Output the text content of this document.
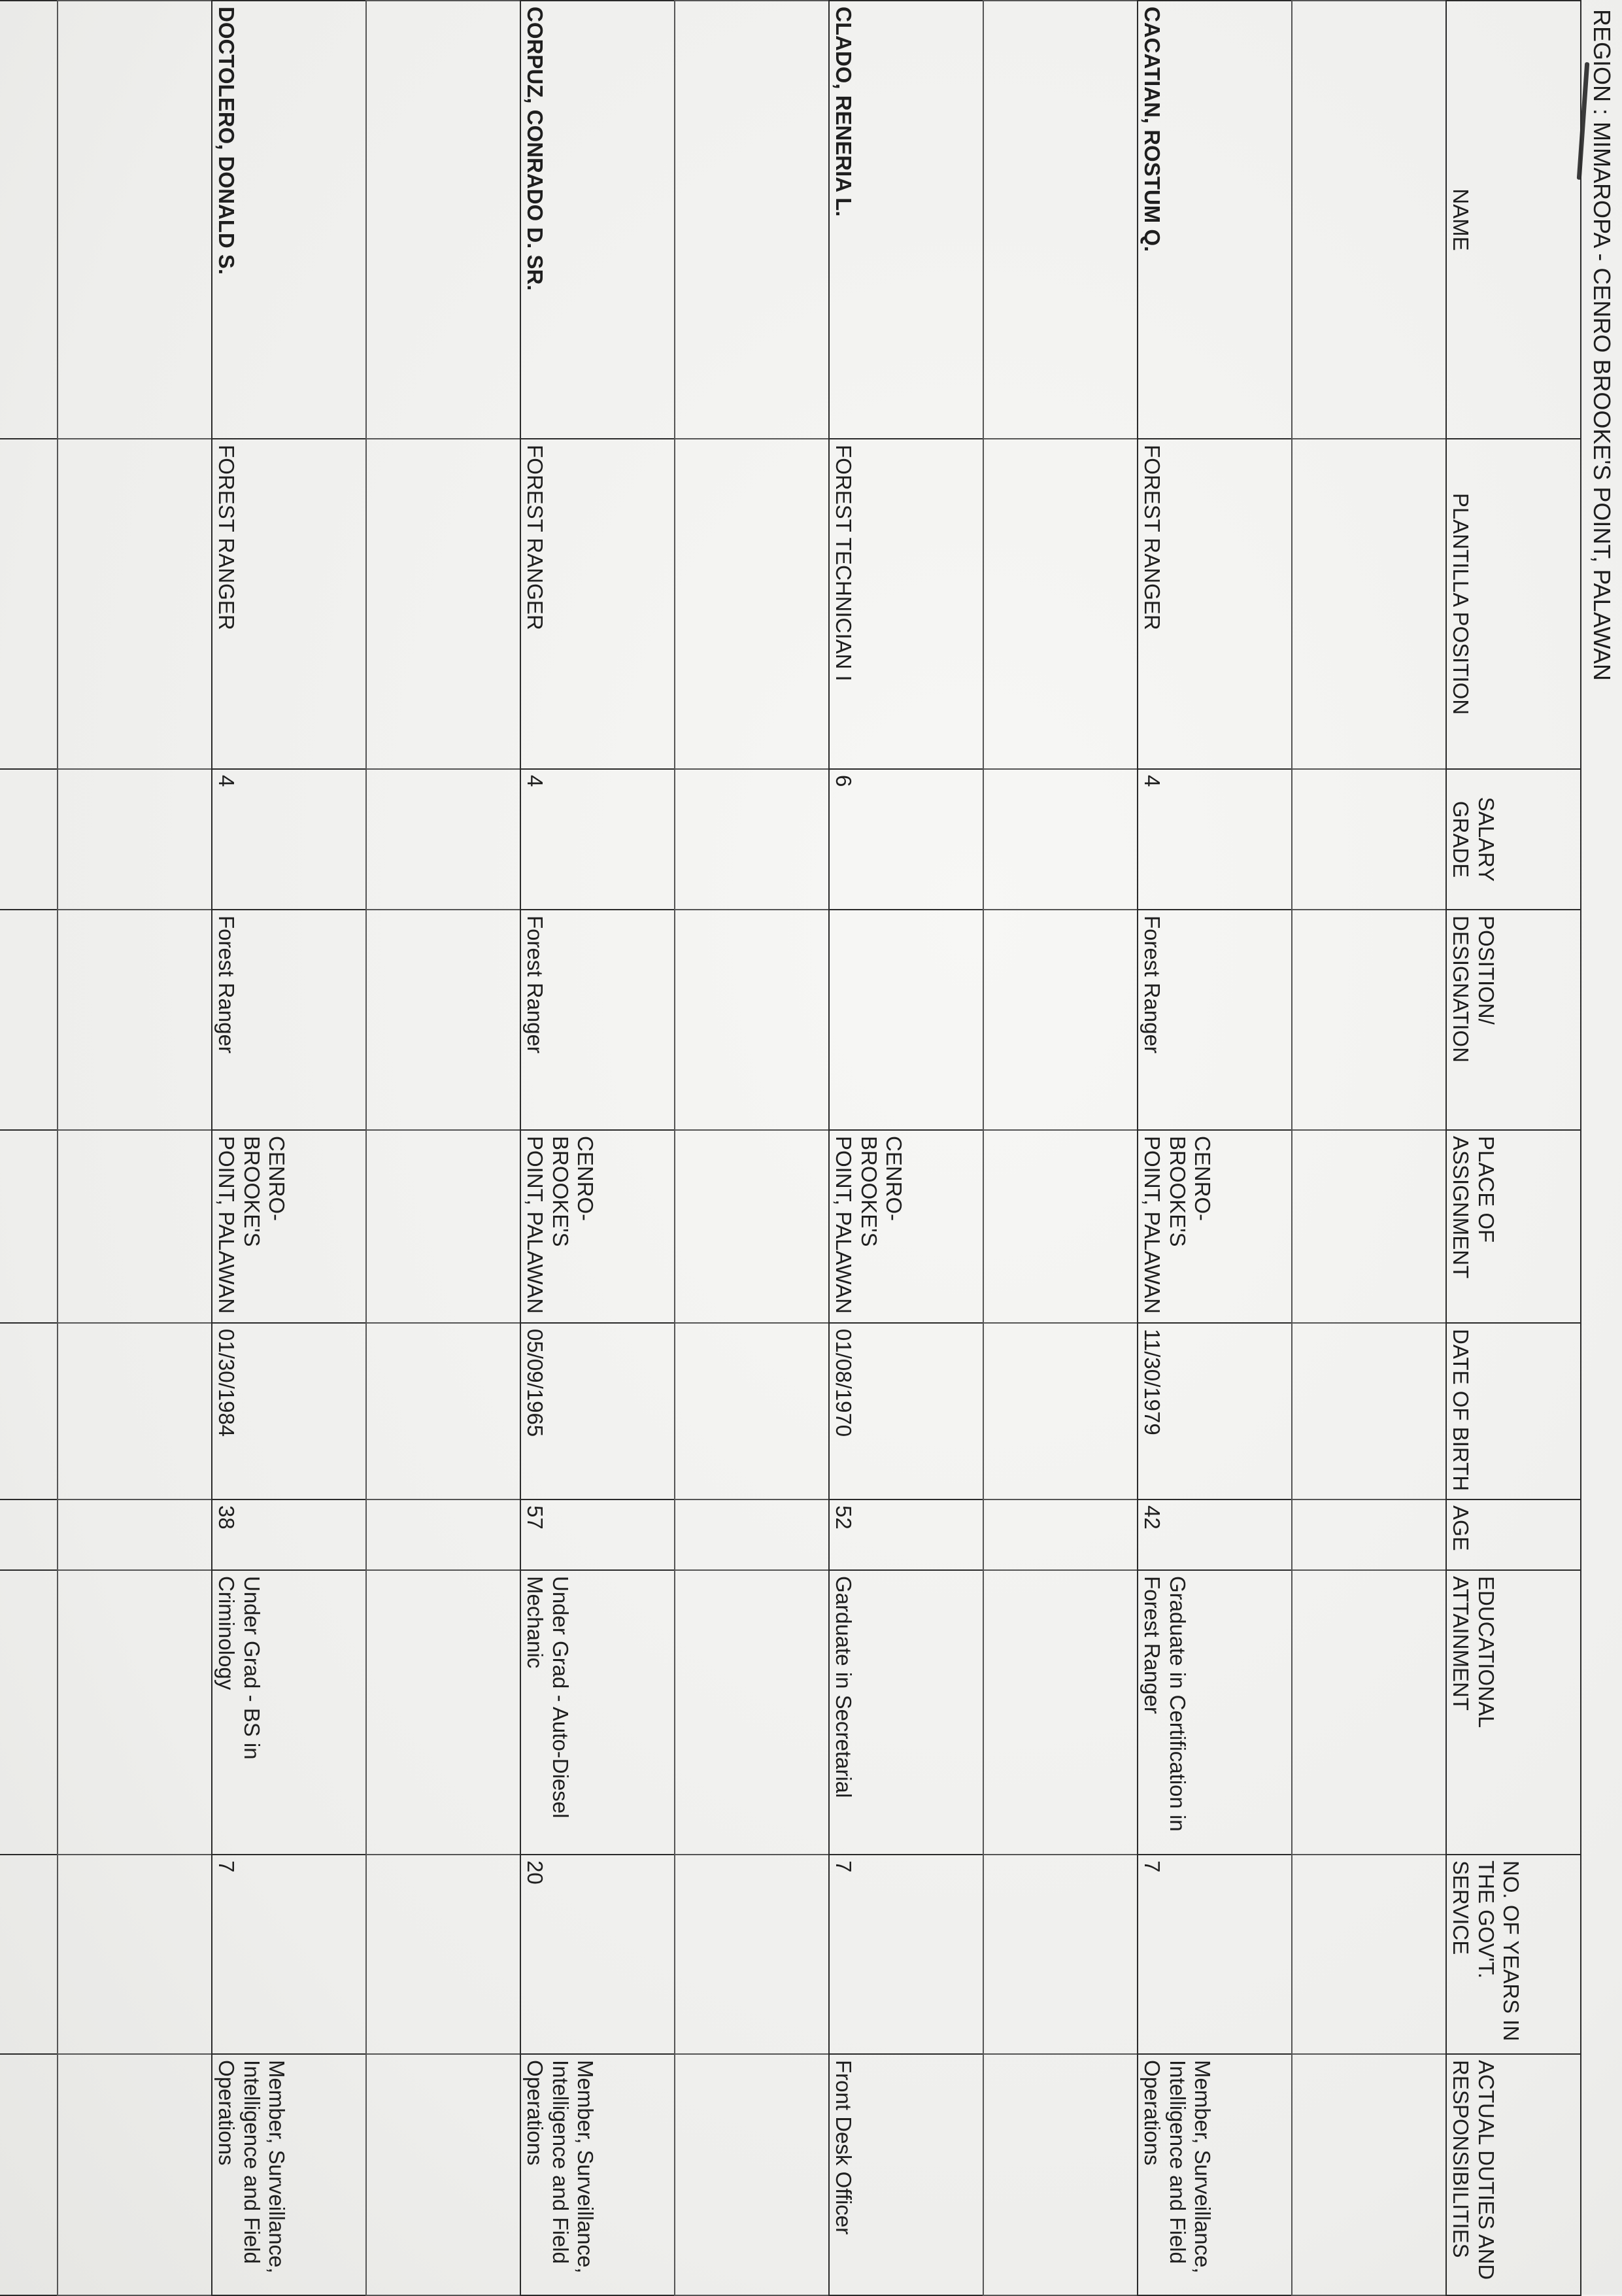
REGION : MIMAROPA - CENRO BROOKE'S POINT, PALAWAN
NAME	PLANTILLA POSITION	SALARY GRADE	POSITION/ DESIGNATION	PLACE OF ASSIGNMENT	DATE OF BIRTH	AGE	EDUCATIONAL ATTAINMENT	NO. OF YEARS IN THE GOV'T. SERVICE	ACTUAL DUTIES AND RESPONSIBILITIES

CACATIAN, ROSTUM Q.	FOREST RANGER	4	Forest Ranger	CENRO- BROOKE'S POINT, PALAWAN	11/30/1979	42	Graduate in Certification in Forest Ranger	7	Member, Surveillance, Intelligence and Field Operations

CLADO, RENERIA L.	FOREST TECHNICIAN I	6		CENRO- BROOKE'S POINT, PALAWAN	01/08/1970	52	Garduate in Secretarial	7	Front Desk Officer

CORPUZ, CONRADO D. SR.	FOREST RANGER	4	Forest Ranger	CENRO- BROOKE'S POINT, PALAWAN	05/09/1965	57	Under Grad - Auto-Diesel Mechanic	20	Member, Surveillance, Intelligence and Field Operations

DOCTOLERO, DONALD S.	FOREST RANGER	4	Forest Ranger	CENRO- BROOKE'S POINT, PALAWAN	01/30/1984	38	Under Grad - BS in Criminology	7	Member, Surveillance, Intelligence and Field Operations
